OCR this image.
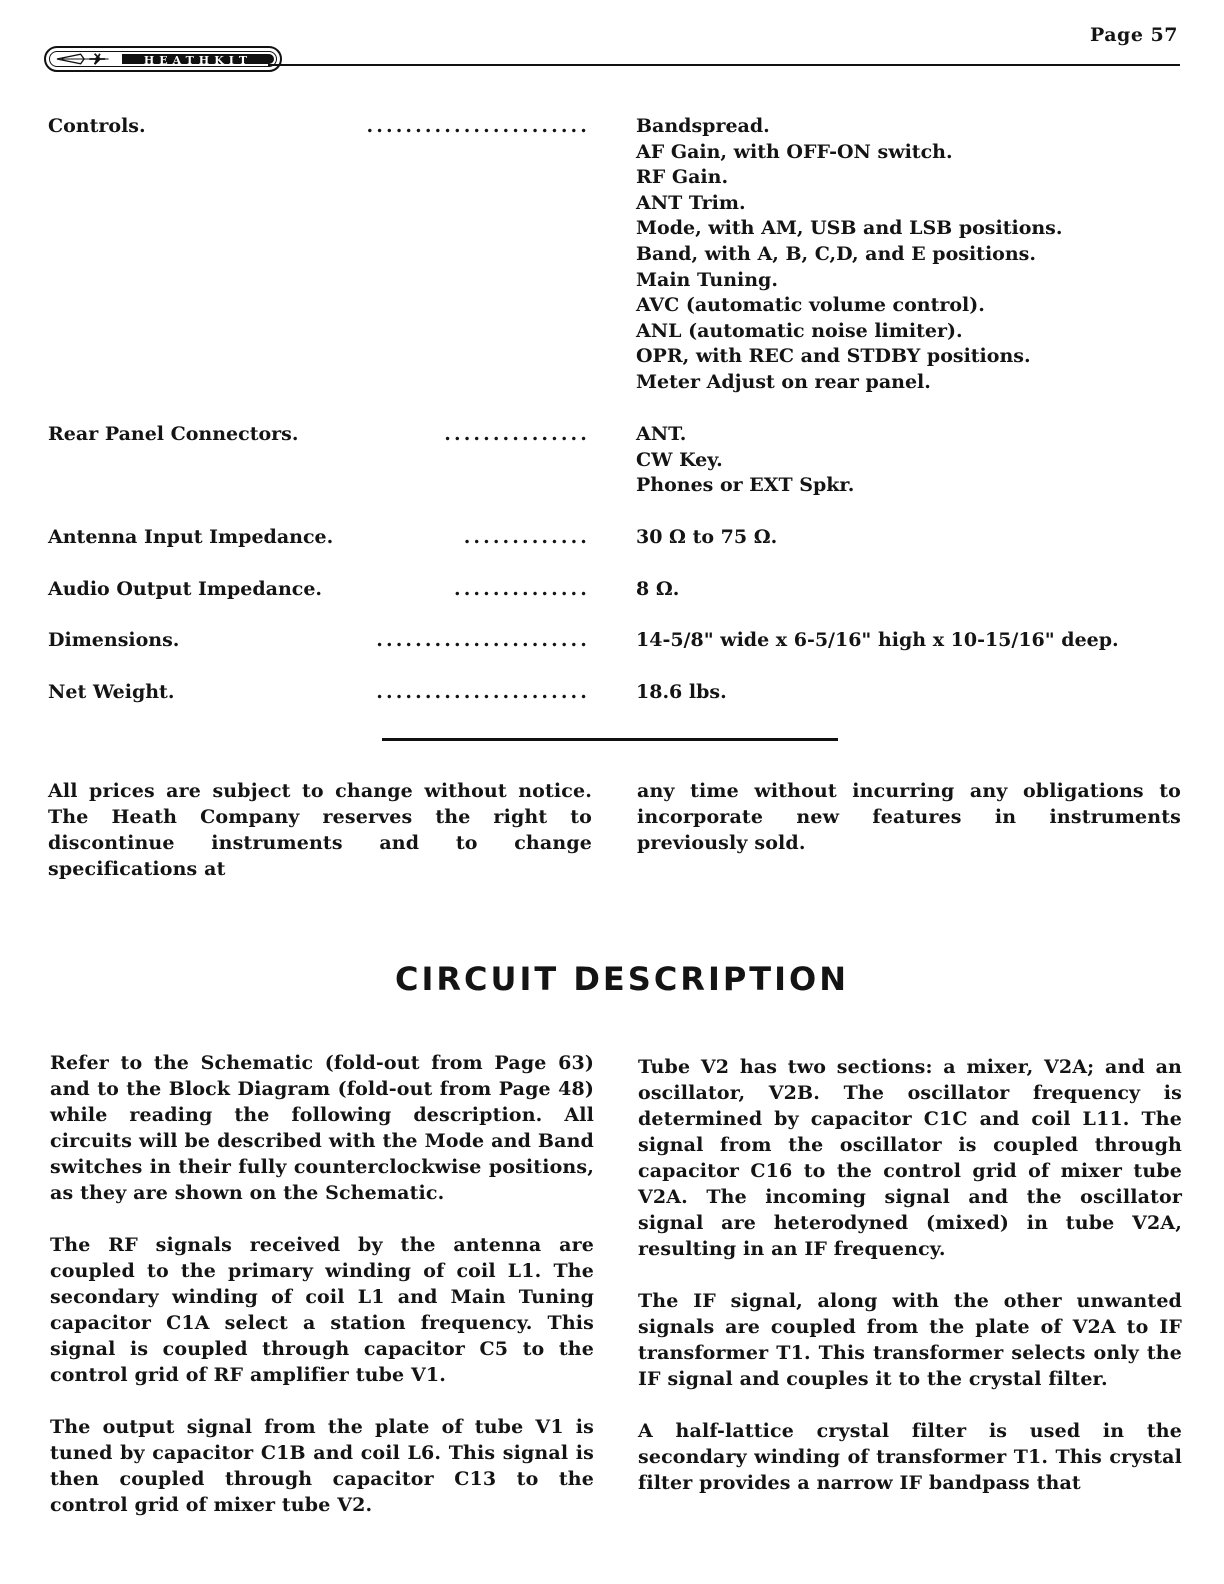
HEATHKIT
Page 57
Controls.	....................... Bandspread.
AF Gain, with OFF-ON switch.
RF Gain.
ANT Trim.
Mode, with AM, USB and LSB positions.
Band, with A, B, C,D, and E positions.
Main Tuning.
AVC (automatic volume control).
ANL (automatic noise limiter).
OPR, with REC and STDBY positions.
Meter Adjust on rear panel.
Rear Panel Connectors.	............... ANT.
CW Key.
Phones or EXT Spkr.
Antenna Input Impedance.	............. 30 Ω to 75 Ω.
Audio Output Impedance.	.............. 8 Ω.
Dimensions.	...................... 14-5/8" wide x 6-5/16" high x 10-15/16" deep.
Net Weight.	...................... 18.6 lbs.

All prices are subject to change without notice. The Heath Company reserves the right to discontinue instruments and to change specifications at

any time without incurring any obligations to incorporate new features in instruments previously sold.

CIRCUIT DESCRIPTION

Refer to the Schematic (fold-out from Page 63) and to the Block Diagram (fold-out from Page 48) while reading the following description. All circuits will be described with the Mode and Band switches in their fully counterclockwise positions, as they are shown on the Schematic.

The RF signals received by the antenna are coupled to the primary winding of coil L1. The secondary winding of coil L1 and Main Tuning capacitor C1A select a station frequency. This signal is coupled through capacitor C5 to the control grid of RF amplifier tube V1.

The output signal from the plate of tube V1 is tuned by capacitor C1B and coil L6. This signal is then coupled through capacitor C13 to the control grid of mixer tube V2.

Tube V2 has two sections: a mixer, V2A; and an oscillator, V2B. The oscillator frequency is determined by capacitor C1C and coil L11. The signal from the oscillator is coupled through capacitor C16 to the control grid of mixer tube V2A. The incoming signal and the oscillator signal are heterodyned (mixed) in tube V2A, resulting in an IF frequency.

The IF signal, along with the other unwanted signals are coupled from the plate of V2A to IF transformer T1. This transformer selects only the IF signal and couples it to the crystal filter.

A half-lattice crystal filter is used in the secondary winding of transformer T1. This crystal filter provides a narrow IF bandpass that
